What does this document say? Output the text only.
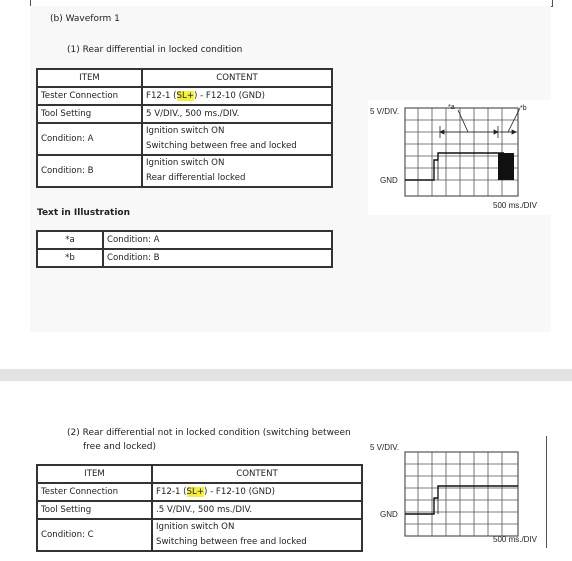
(b) Waveform 1
(1) Rear differential in locked condition
ITEM	CONTENT
Tester Connection	F12-1 (SL+) - F12-10 (GND)
Tool Setting	5 V/DIV., 500 ms./DIV.
Condition: A	Ignition switch ON
Switching between free and locked

Condition: B	Ignition switch ON
Rear differential locked
Text in Illustration
*a	Condition: A
*b	Condition: B
5 V/DIV.
GND
500 ms./DIV
*a	*b
(2) Rear differential not in locked condition (switching between
free and locked)
ITEM	CONTENT
Tester Connection	F12-1 (SL+) - F12-10 (GND)
Tool Setting	.5 V/DIV., 500 ms./DIV.
Condition: C	Ignition switch ON
Switching between free and locked
5 V/DIV.
GND
500 ms./DIV
